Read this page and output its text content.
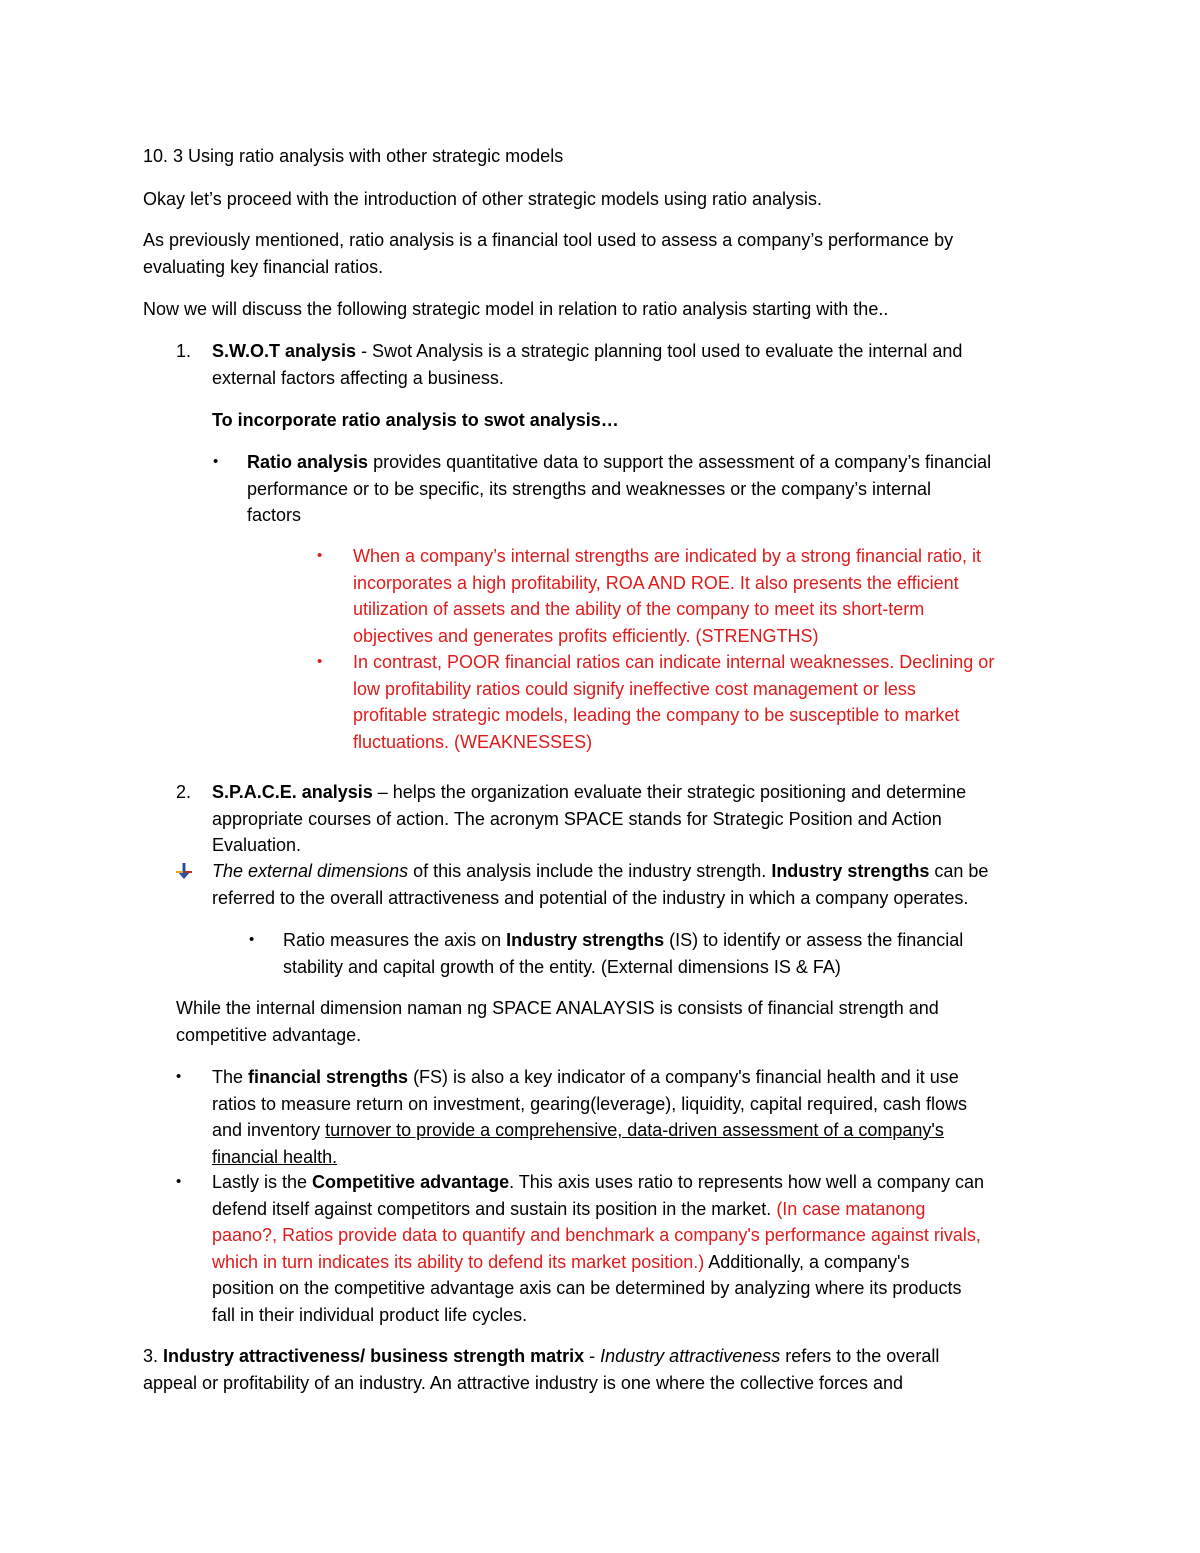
10. 3 Using ratio analysis with other strategic models

Okay let’s proceed with the introduction of other strategic models using ratio analysis.

As previously mentioned, ratio analysis is a financial tool used to assess a company’s performance by
evaluating key financial ratios.

Now we will discuss the following strategic model in relation to ratio analysis starting with the..

1. S.W.O.T analysis - Swot Analysis is a strategic planning tool used to evaluate the internal and
external factors affecting a business.

To incorporate ratio analysis to swot analysis…

• Ratio analysis provides quantitative data to support the assessment of a company’s financial
performance or to be specific, its strengths and weaknesses or the company’s internal
factors
• When a company’s internal strengths are indicated by a strong financial ratio, it
incorporates a high profitability, ROA AND ROE. It also presents the efficient
utilization of assets and the ability of the company to meet its short-term
objectives and generates profits efficiently. (STRENGTHS)
• In contrast, POOR financial ratios can indicate internal weaknesses. Declining or
low profitability ratios could signify ineffective cost management or less
profitable strategic models, leading the company to be susceptible to market
fluctuations. (WEAKNESSES)
2. S.P.A.C.E. analysis – helps the organization evaluate their strategic positioning and determine
appropriate courses of action. The acronym SPACE stands for Strategic Position and Action
Evaluation.
The external dimensions of this analysis include the industry strength. Industry strengths can be
referred to the overall attractiveness and potential of the industry in which a company operates.
• Ratio measures the axis on Industry strengths (IS) to identify or assess the financial
stability and capital growth of the entity. (External dimensions IS & FA)
While the internal dimension naman ng SPACE ANALAYSIS is consists of financial strength and
competitive advantage.
• The financial strengths (FS) is also a key indicator of a company's financial health and it use
ratios to measure return on investment, gearing(leverage), liquidity, capital required, cash flows
and inventory turnover to provide a comprehensive, data-driven assessment of a company's
financial health.
• Lastly is the Competitive advantage. This axis uses ratio to represents how well a company can
defend itself against competitors and sustain its position in the market. (In case matanong
paano?, Ratios provide data to quantify and benchmark a company's performance against rivals,
which in turn indicates its ability to defend its market position.) Additionally, a company's
position on the competitive advantage axis can be determined by analyzing where its products
fall in their individual product life cycles.
3. Industry attractiveness/ business strength matrix - Industry attractiveness refers to the overall
appeal or profitability of an industry. An attractive industry is one where the collective forces and
